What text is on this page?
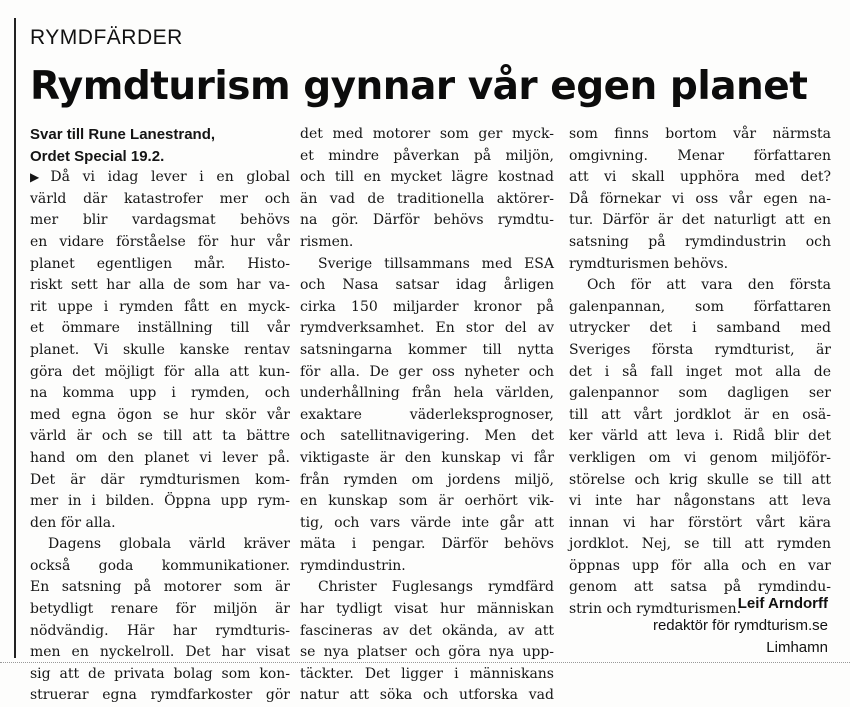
RYMDFÄRDER
Rymdturism gynnar vår egen planet
Svar till Rune Lanestrand,
Ordet Special 19.2.
▶ Då vi idag lever i en global
värld där katastrofer mer och
mer blir vardagsmat behövs
en vidare förståelse för hur vår
planet egentligen mår. Histo-
riskt sett har alla de som har va-
rit uppe i rymden fått en myck-
et ömmare inställning till vår
planet. Vi skulle kanske rentav
göra det möjligt för alla att kun-
na komma upp i rymden, och
med egna ögon se hur skör vår
värld är och se till att ta bättre
hand om den planet vi lever på.
Det är där rymdturismen kom-
mer in i bilden. Öppna upp rym-
den för alla.
Dagens globala värld kräver
också goda kommunikationer.
En satsning på motorer som är
betydligt renare för miljön är
nödvändig. Här har rymdturis-
men en nyckelroll. Det har visat
sig att de privata bolag som kon-
struerar egna rymdfarkoster gör
det med motorer som ger myck-
et mindre påverkan på miljön,
och till en mycket lägre kostnad
än vad de traditionella aktörer-
na gör. Därför behövs rymdtu-
rismen.
Sverige tillsammans med ESA
och Nasa satsar idag årligen
cirka 150 miljarder kronor på
rymdverksamhet. En stor del av
satsningarna kommer till nytta
för alla. De ger oss nyheter och
underhållning från hela världen,
exaktare väderleksprognoser,
och satellitnavigering. Men det
viktigaste är den kunskap vi får
från rymden om jordens miljö,
en kunskap som är oerhört vik-
tig, och vars värde inte går att
mäta i pengar. Därför behövs
rymdindustrin.
Christer Fuglesangs rymdfärd
har tydligt visat hur människan
fascineras av det okända, av att
se nya platser och göra nya upp-
täckter. Det ligger i människans
natur att söka och utforska vad
som finns bortom vår närmsta
omgivning. Menar författaren
att vi skall upphöra med det?
Då förnekar vi oss vår egen na-
tur. Därför är det naturligt att en
satsning på rymdindustrin och
rymdturismen behövs.
Och för att vara den första
galenpannan, som författaren
utrycker det i samband med
Sveriges första rymdturist, är
det i så fall inget mot alla de
galenpannor som dagligen ser
till att vårt jordklot är en osä-
ker värld att leva i. Ridå blir det
verkligen om vi genom miljöför-
störelse och krig skulle se till att
vi inte har någonstans att leva
innan vi har förstört vårt kära
jordklot. Nej, se till att rymden
öppnas upp för alla och en var
genom att satsa på rymdindu-
strin och rymdturismen.
Leif Arndorff
redaktör för rymdturism.se
Limhamn
